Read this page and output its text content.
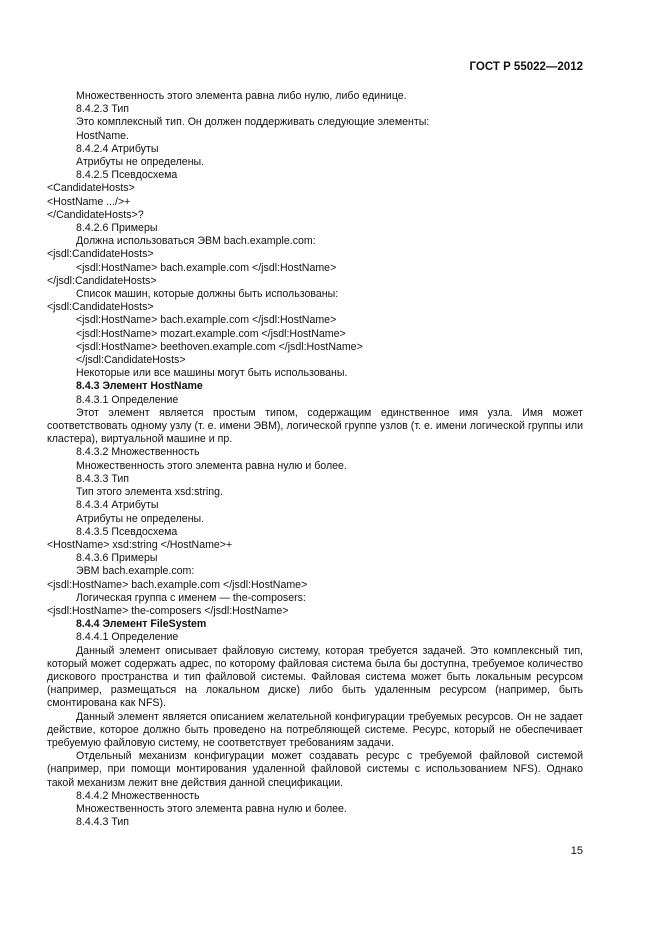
ГОСТ Р 55022—2012
Множественность этого элемента равна либо нулю, либо единице.
8.4.2.3 Тип
Это комплексный тип. Он должен поддерживать следующие элементы:
HostName.
8.4.2.4 Атрибуты
Атрибуты не определены.
8.4.2.5 Псевдосхема
<CandidateHosts>
<HostName .../>+
</CandidateHosts>?
8.4.2.6 Примеры
Должна использоваться ЭВМ bach.example.com:
<jsdl:CandidateHosts>
<jsdl:HostName> bach.example.com </jsdl:HostName>
</jsdl:CandidateHosts>
Список машин, которые должны быть использованы:
<jsdl:CandidateHosts>
<jsdl:HostName> bach.example.com </jsdl:HostName>
<jsdl:HostName> mozart.example.com </jsdl:HostName>
<jsdl:HostName> beethoven.example.com </jsdl:HostName>
</jsdl:CandidateHosts>
Некоторые или все машины могут быть использованы.
8.4.3 Элемент HostName
8.4.3.1 Определение
Этот элемент является простым типом, содержащим единственное имя узла. Имя может соответствовать одному узлу (т. е. имени ЭВМ), логической группе узлов (т. е. имени логической группы или кластера), виртуальной машине и пр.
8.4.3.2 Множественность
Множественность этого элемента равна нулю и более.
8.4.3.3 Тип
Тип этого элемента xsd:string.
8.4.3.4 Атрибуты
Атрибуты не определены.
8.4.3.5 Псевдосхема
<HostName> xsd:string </HostName>+
8.4.3.6 Примеры
ЭВМ bach.example.com:
<jsdl:HostName> bach.example.com </jsdl:HostName>
Логическая группа с именем — the-composers:
<jsdl:HostName> the-composers </jsdl:HostName>
8.4.4 Элемент FileSystem
8.4.4.1 Определение
Данный элемент описывает файловую систему, которая требуется задачей. Это комплексный тип, который может содержать адрес, по которому файловая система была бы доступна, требуемое количество дискового пространства и тип файловой системы. Файловая система может быть локальным ресурсом (например, размещаться на локальном диске) либо быть удаленным ресурсом (например, быть смонтирована как NFS).
Данный элемент является описанием желательной конфигурации требуемых ресурсов. Он не задает действие, которое должно быть проведено на потребляющей системе. Ресурс, который не обеспечивает требуемую файловую систему, не соответствует требованиям задачи.
Отдельный механизм конфигурации может создавать ресурс с требуемой файловой системой (например, при помощи монтирования удаленной файловой системы с использованием NFS). Однако такой механизм лежит вне действия данной спецификации.
8.4.4.2 Множественность
Множественность этого элемента равна нулю и более.
8.4.4.3 Тип
15
